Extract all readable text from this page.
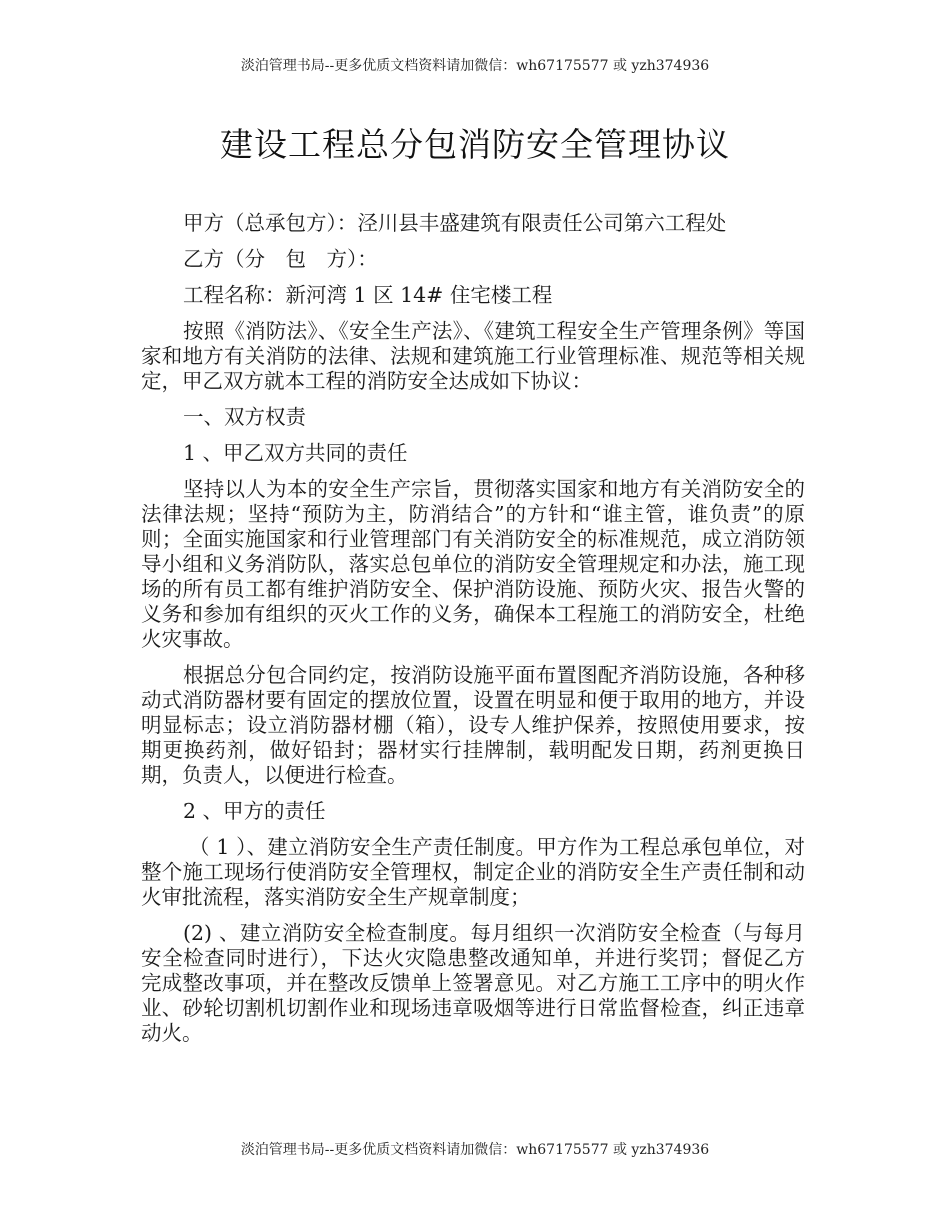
淡泊管理书局--更多优质文档资料请加微信：wh67175577 或 yzh374936
建设工程总分包消防安全管理协议

甲方（总承包方）：泾川县丰盛建筑有限责任公司第六工程处

乙方（分　包　方）：

工程名称：新河湾 1 区 14# 住宅楼工程

按照《消防法》、《安全生产法》、《建筑工程安全生产管理条例》等国家和地方有关消防的法律、法规和建筑施工行业管理标准、规范等相关规定，甲乙双方就本工程的消防安全达成如下协议：

一、双方权责

1 、甲乙双方共同的责任

坚持以人为本的安全生产宗旨，贯彻落实国家和地方有关消防安全的法律法规；坚持“预防为主，防消结合”的方针和“谁主管，谁负责”的原则；全面实施国家和行业管理部门有关消防安全的标准规范，成立消防领导小组和义务消防队，落实总包单位的消防安全管理规定和办法，施工现场的所有员工都有维护消防安全、保护消防设施、预防火灾、报告火警的义务和参加有组织的灭火工作的义务，确保本工程施工的消防安全，杜绝火灾事故。

根据总分包合同约定，按消防设施平面布置图配齐消防设施，各种移动式消防器材要有固定的摆放位置，设置在明显和便于取用的地方，并设明显标志；设立消防器材棚（箱），设专人维护保养，按照使用要求，按期更换药剂，做好铅封；器材实行挂牌制，载明配发日期，药剂更换日期，负责人，以便进行检查。

2 、甲方的责任

（ 1 ）、建立消防安全生产责任制度。甲方作为工程总承包单位，对整个施工现场行使消防安全管理权，制定企业的消防安全生产责任制和动火审批流程，落实消防安全生产规章制度；

(2) 、建立消防安全检查制度。每月组织一次消防安全检查（与每月安全检查同时进行），下达火灾隐患整改通知单，并进行奖罚；督促乙方完成整改事项，并在整改反馈单上签署意见。对乙方施工工序中的明火作业、砂轮切割机切割作业和现场违章吸烟等进行日常监督检查，纠正违章动火。

淡泊管理书局--更多优质文档资料请加微信：wh67175577 或 yzh374936
